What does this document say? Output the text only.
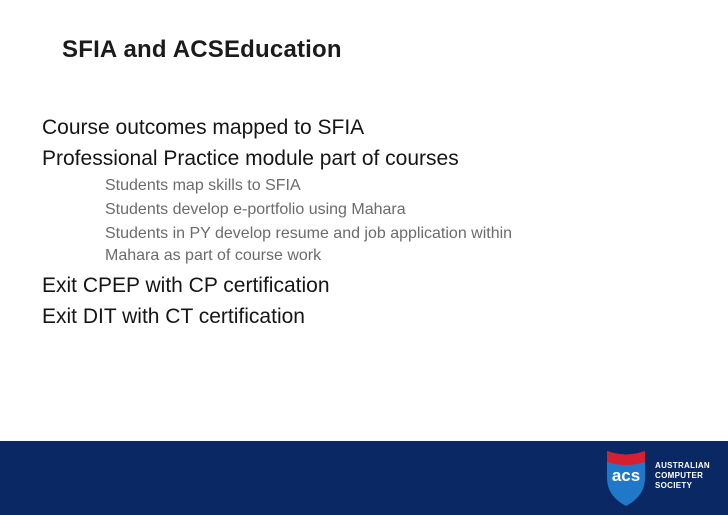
SFIA and ACSEducation
Course outcomes mapped to SFIA
Professional Practice module part of courses
Students map skills to SFIA
Students develop e-portfolio using Mahara
Students in PY develop resume and job application within
Mahara as part of course work
Exit CPEP with CP certification
Exit DIT with CT certification
acs
AUSTRALIAN
COMPUTER
SOCIETY
